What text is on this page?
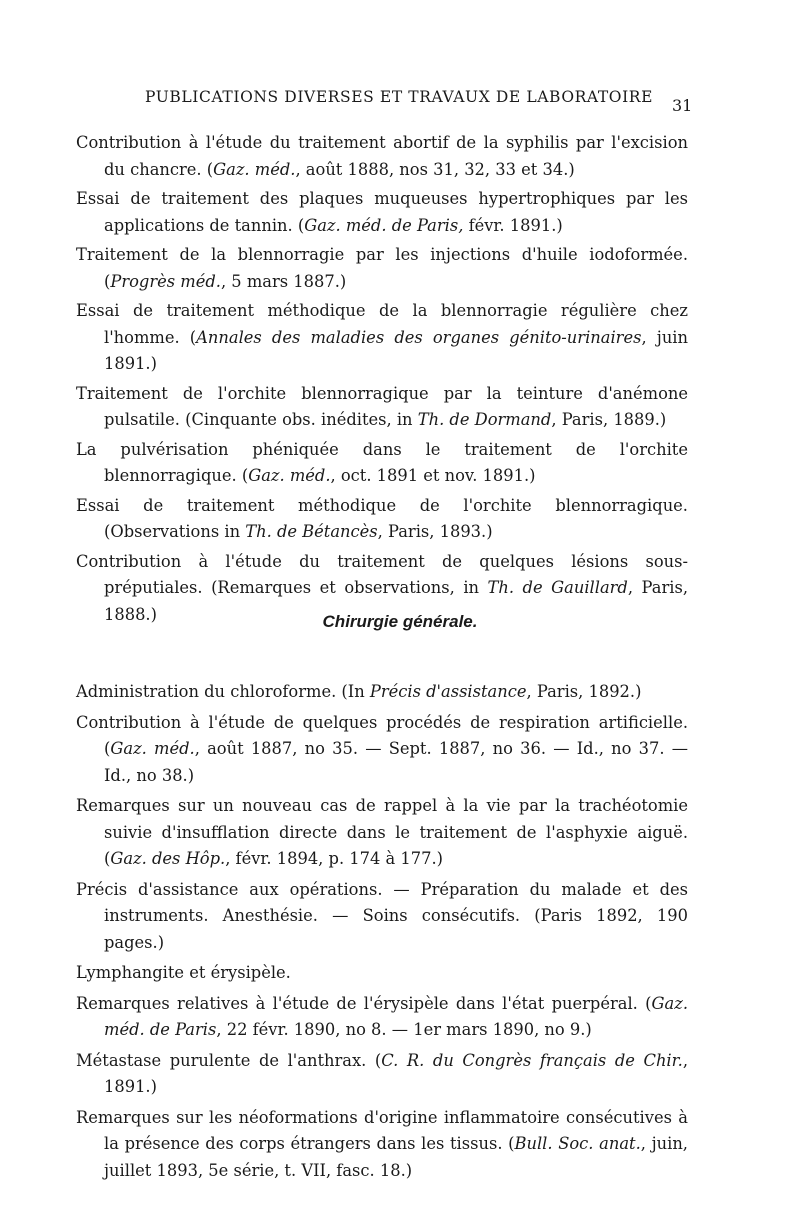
PUBLICATIONS DIVERSES ET TRAVAUX DE LABORATOIRE	31

Contribution à l'étude du traitement abortif de la syphilis par l'excision du chancre. (Gaz. méd., août 1888, nos 31, 32, 33 et 34.)

Essai de traitement des plaques muqueuses hypertrophiques par les applications de tannin. (Gaz. méd. de Paris, févr. 1891.)

Traitement de la blennorragie par les injections d'huile iodoformée. (Progrès méd., 5 mars 1887.)

Essai de traitement méthodique de la blennorragie régulière chez l'homme. (Annales des maladies des organes génito-urinaires, juin 1891.)

Traitement de l'orchite blennorragique par la teinture d'anémone pulsatile. (Cinquante obs. inédites, in Th. de Dormand, Paris, 1889.)

La pulvérisation phéniquée dans le traitement de l'orchite blennorragique. (Gaz. méd., oct. 1891 et nov. 1891.)

Essai de traitement méthodique de l'orchite blennorragique. (Observations in Th. de Bétancès, Paris, 1893.)

Contribution à l'étude du traitement de quelques lésions sous-préputiales. (Remarques et observations, in Th. de Gauillard, Paris, 1888.)	Chirurgie générale.

Administration du chloroforme. (In Précis d'assistance, Paris, 1892.)

Contribution à l'étude de quelques procédés de respiration artificielle. (Gaz. méd., août 1887, no 35. — Sept. 1887, no 36. — Id., no 37. — Id., no 38.)

Remarques sur un nouveau cas de rappel à la vie par la trachéotomie suivie d'insufflation directe dans le traitement de l'asphyxie aiguë. (Gaz. des Hôp., févr. 1894, p. 174 à 177.)

Précis d'assistance aux opérations. — Préparation du malade et des instruments. Anesthésie. — Soins consécutifs. (Paris 1892, 190 pages.)

Lymphangite et érysipèle.

Remarques relatives à l'étude de l'érysipèle dans l'état puerpéral. (Gaz. méd. de Paris, 22 févr. 1890, no 8. — 1er mars 1890, no 9.)

Métastase purulente de l'anthrax. (C. R. du Congrès français de Chir., 1891.)

Remarques sur les néoformations d'origine inflammatoire consécutives à la présence des corps étrangers dans les tissus. (Bull. Soc. anat., juin, juillet 1893, 5e série, t. VII, fasc. 18.)
